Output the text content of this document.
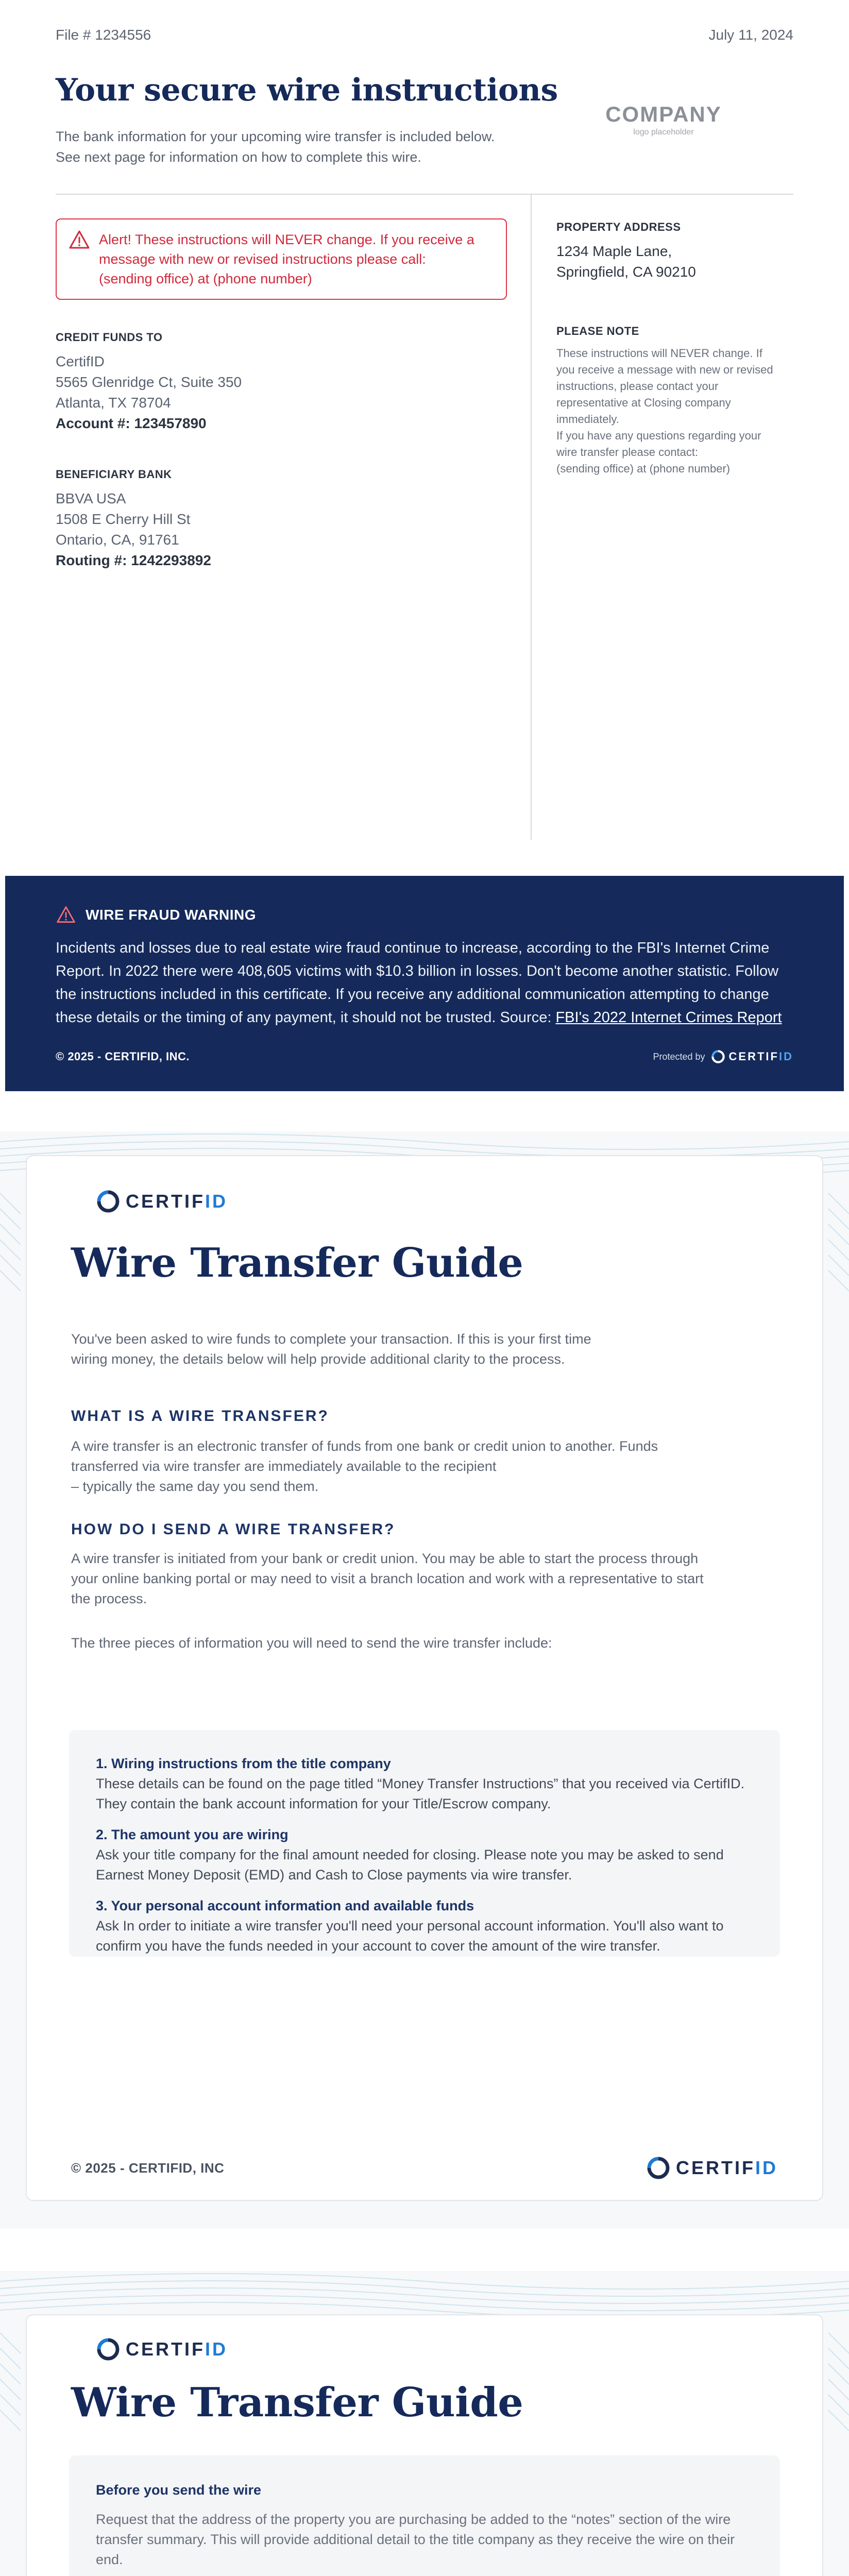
File # 1234556	July 11, 2024
Your secure wire instructions
The bank information for your upcoming wire transfer is included below.
See next page for information on how to complete this wire.
COMPANY
logo placeholder
Alert! These instructions will NEVER change. If you receive a
message with new or revised instructions please call:
(sending office) at (phone number)
CREDIT FUNDS TO
CertifID
5565 Glenridge Ct, Suite 350
Atlanta, TX 78704
Account #: 123457890
BENEFICIARY BANK
BBVA USA
1508 E Cherry Hill St
Ontario, CA, 91761
Routing #: 1242293892
PROPERTY ADDRESS
1234 Maple Lane,
Springfield, CA 90210
PLEASE NOTE
These instructions will NEVER change. If
you receive a message with new or revised
instructions, please contact your
representative at Closing company
immediately.
If you have any questions regarding your
wire transfer please contact:
(sending office) at (phone number)
WIRE FRAUD WARNING
Incidents and losses due to real estate wire fraud continue to increase, according to the FBI's Internet Crime
Report. In 2022 there were 408,605 victims with $10.3 billion in losses. Don't become another statistic. Follow
the instructions included in this certificate. If you receive any additional communication attempting to change
these details or the timing of any payment, it should not be trusted. Source: FBI's 2022 Internet Crimes Report
© 2025 - CERTIFID, INC.	Protected by CERTIF ID
CERTIFID
Wire Transfer Guide
You've been asked to wire funds to complete your transaction. If this is your first time
wiring money, the details below will help provide additional clarity to the process.
WHAT IS A WIRE TRANSFER?
A wire transfer is an electronic transfer of funds from one bank or credit union to another. Funds
transferred via wire transfer are immediately available to the recipient
– typically the same day you send them.
HOW DO I SEND A WIRE TRANSFER?
A wire transfer is initiated from your bank or credit union. You may be able to start the process through
your online banking portal or may need to visit a branch location and work with a representative to start
the process.
The three pieces of information you will need to send the wire transfer include:
1. Wiring instructions from the title company
These details can be found on the page titled “Money Transfer Instructions” that you received via CertifID.
They contain the bank account information for your Title/Escrow company.
2. The amount you are wiring
Ask your title company for the final amount needed for closing. Please note you may be asked to send
Earnest Money Deposit (EMD) and Cash to Close payments via wire transfer.
3. Your personal account information and available funds
Ask In order to initiate a wire transfer you'll need your personal account information. You'll also want to
confirm you have the funds needed in your account to cover the amount of the wire transfer.
© 2025 - CERTIFID, INC	CERTIFID
CERTIFID
Wire Transfer Guide
Before you send the wire
Request that the address of the property you are purchasing be added to the “notes” section of the wire
transfer summary. This will provide additional detail to the title company as they receive the wire on their
end.
